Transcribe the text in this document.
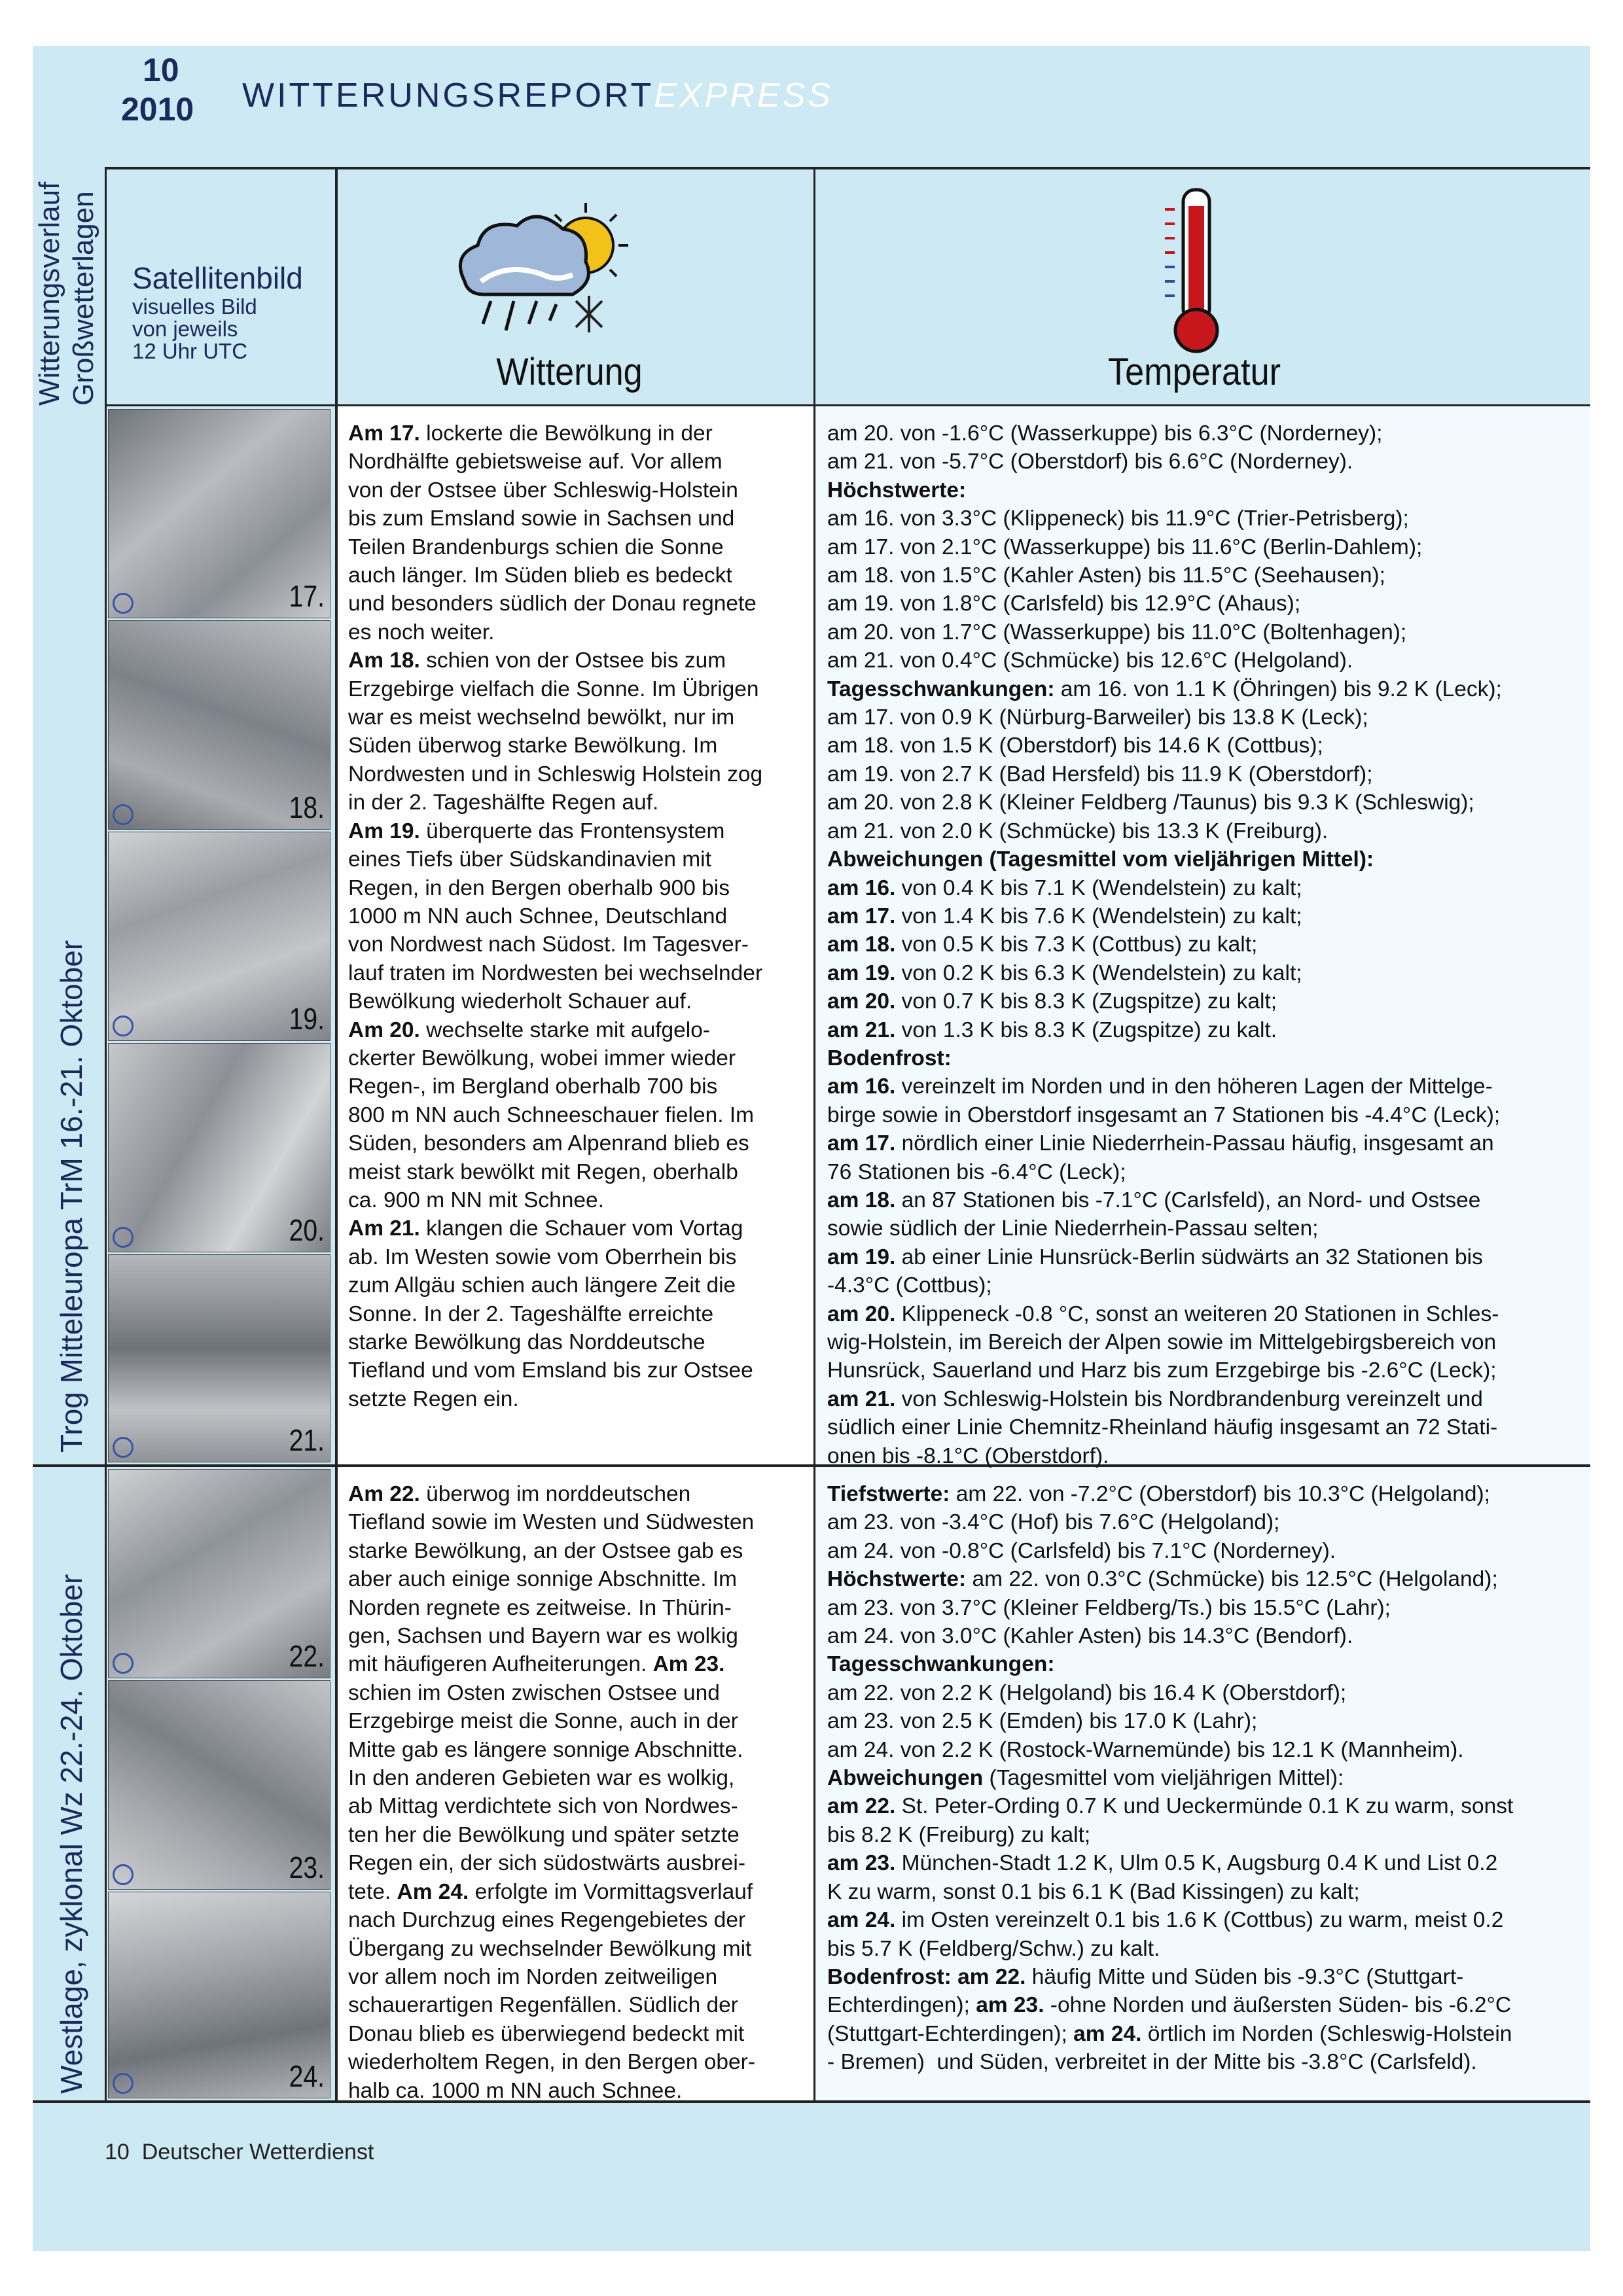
10
2010 WITTERUNGSREPORTEXPRESS
Witterungsverlauf Großwetterlagen Satellitenbild
visuelles Bild
von jeweils
12 Uhr UTC	Witterung	Temperatur
Trog Mitteleuropa TrM 16.-21. Oktober
Westlage, zyklonal Wz 22.-24. Oktober
17.
18.
19.
20.
21.
22.
23.
24.
Am 17. lockerte die Bewölkung in der
Nordhälfte gebietsweise auf. Vor allem
von der Ostsee über Schleswig-Holstein
bis zum Emsland sowie in Sachsen und
Teilen Brandenburgs schien die Sonne
auch länger. Im Süden blieb es bedeckt
und besonders südlich der Donau regnete
es noch weiter.
Am 18. schien von der Ostsee bis zum
Erzgebirge vielfach die Sonne. Im Übrigen
war es meist wechselnd bewölkt, nur im
Süden überwog starke Bewölkung. Im
Nordwesten und in Schleswig Holstein zog
in der 2. Tageshälfte Regen auf.
Am 19. überquerte das Frontensystem
eines Tiefs über Südskandinavien mit
Regen, in den Bergen oberhalb 900 bis
1000 m NN auch Schnee, Deutschland
von Nordwest nach Südost. Im Tagesver-
lauf traten im Nordwesten bei wechselnder
Bewölkung wiederholt Schauer auf.
Am 20. wechselte starke mit aufgelo-
ckerter Bewölkung, wobei immer wieder
Regen-, im Bergland oberhalb 700 bis
800 m NN auch Schneeschauer fielen. Im
Süden, besonders am Alpenrand blieb es
meist stark bewölkt mit Regen, oberhalb
ca. 900 m NN mit Schnee.
Am 21. klangen die Schauer vom Vortag
ab. Im Westen sowie vom Oberrhein bis
zum Allgäu schien auch längere Zeit die
Sonne. In der 2. Tageshälfte erreichte
starke Bewölkung das Norddeutsche
Tiefland und vom Emsland bis zur Ostsee
setzte Regen ein.
am 20. von -1.6°C (Wasserkuppe) bis 6.3°C (Norderney);
am 21. von -5.7°C (Oberstdorf) bis 6.6°C (Norderney).
Höchstwerte:
am 16. von 3.3°C (Klippeneck) bis 11.9°C (Trier-Petrisberg);
am 17. von 2.1°C (Wasserkuppe) bis 11.6°C (Berlin-Dahlem);
am 18. von 1.5°C (Kahler Asten) bis 11.5°C (Seehausen);
am 19. von 1.8°C (Carlsfeld) bis 12.9°C (Ahaus);
am 20. von 1.7°C (Wasserkuppe) bis 11.0°C (Boltenhagen);
am 21. von 0.4°C (Schmücke) bis 12.6°C (Helgoland).
Tagesschwankungen: am 16. von 1.1 K (Öhringen) bis 9.2 K (Leck);
am 17. von 0.9 K (Nürburg-Barweiler) bis 13.8 K (Leck);
am 18. von 1.5 K (Oberstdorf) bis 14.6 K (Cottbus);
am 19. von 2.7 K (Bad Hersfeld) bis 11.9 K (Oberstdorf);
am 20. von 2.8 K (Kleiner Feldberg /Taunus) bis 9.3 K (Schleswig);
am 21. von 2.0 K (Schmücke) bis 13.3 K (Freiburg).
Abweichungen (Tagesmittel vom vieljährigen Mittel):
am 16. von 0.4 K bis 7.1 K (Wendelstein) zu kalt;
am 17. von 1.4 K bis 7.6 K (Wendelstein) zu kalt;
am 18. von 0.5 K bis 7.3 K (Cottbus) zu kalt;
am 19. von 0.2 K bis 6.3 K (Wendelstein) zu kalt;
am 20. von 0.7 K bis 8.3 K (Zugspitze) zu kalt;
am 21. von 1.3 K bis 8.3 K (Zugspitze) zu kalt.
Bodenfrost:
am 16. vereinzelt im Norden und in den höheren Lagen der Mittelge-
birge sowie in Oberstdorf insgesamt an 7 Stationen bis -4.4°C (Leck);
am 17. nördlich einer Linie Niederrhein-Passau häufig, insgesamt an
76 Stationen bis -6.4°C (Leck);
am 18. an 87 Stationen bis -7.1°C (Carlsfeld), an Nord- und Ostsee
sowie südlich der Linie Niederrhein-Passau selten;
am 19. ab einer Linie Hunsrück-Berlin südwärts an 32 Stationen bis
-4.3°C (Cottbus);
am 20. Klippeneck -0.8 °C, sonst an weiteren 20 Stationen in Schles-
wig-Holstein, im Bereich der Alpen sowie im Mittelgebirgsbereich von
Hunsrück, Sauerland und Harz bis zum Erzgebirge bis -2.6°C (Leck);
am 21. von Schleswig-Holstein bis Nordbrandenburg vereinzelt und
südlich einer Linie Chemnitz-Rheinland häufig insgesamt an 72 Stati-
onen bis -8.1°C (Oberstdorf).
Am 22. überwog im norddeutschen
Tiefland sowie im Westen und Südwesten
starke Bewölkung, an der Ostsee gab es
aber auch einige sonnige Abschnitte. Im
Norden regnete es zeitweise. In Thürin-
gen, Sachsen und Bayern war es wolkig
mit häufigeren Aufheiterungen. Am 23.
schien im Osten zwischen Ostsee und
Erzgebirge meist die Sonne, auch in der
Mitte gab es längere sonnige Abschnitte.
In den anderen Gebieten war es wolkig,
ab Mittag verdichtete sich von Nordwes-
ten her die Bewölkung und später setzte
Regen ein, der sich südostwärts ausbrei-
tete. Am 24. erfolgte im Vormittagsverlauf
nach Durchzug eines Regengebietes der
Übergang zu wechselnder Bewölkung mit
vor allem noch im Norden zeitweiligen
schauerartigen Regenfällen. Südlich der
Donau blieb es überwiegend bedeckt mit
wiederholtem Regen, in den Bergen ober-
halb ca. 1000 m NN auch Schnee.
Tiefstwerte: am 22. von -7.2°C (Oberstdorf) bis 10.3°C (Helgoland);
am 23. von -3.4°C (Hof) bis 7.6°C (Helgoland);
am 24. von -0.8°C (Carlsfeld) bis 7.1°C (Norderney).
Höchstwerte: am 22. von 0.3°C (Schmücke) bis 12.5°C (Helgoland);
am 23. von 3.7°C (Kleiner Feldberg/Ts.) bis 15.5°C (Lahr);
am 24. von 3.0°C (Kahler Asten) bis 14.3°C (Bendorf).
Tagesschwankungen:
am 22. von 2.2 K (Helgoland) bis 16.4 K (Oberstdorf);
am 23. von 2.5 K (Emden) bis 17.0 K (Lahr);
am 24. von 2.2 K (Rostock-Warnemünde) bis 12.1 K (Mannheim).
Abweichungen (Tagesmittel vom vieljährigen Mittel):
am 22. St. Peter-Ording 0.7 K und Ueckermünde 0.1 K zu warm, sonst
bis 8.2 K (Freiburg) zu kalt;
am 23. München-Stadt 1.2 K, Ulm 0.5 K, Augsburg 0.4 K und List 0.2
K zu warm, sonst 0.1 bis 6.1 K (Bad Kissingen) zu kalt;
am 24. im Osten vereinzelt 0.1 bis 1.6 K (Cottbus) zu warm, meist 0.2
bis 5.7 K (Feldberg/Schw.) zu kalt.
Bodenfrost: am 22. häufig Mitte und Süden bis -9.3°C (Stuttgart-
Echterdingen); am 23. -ohne Norden und äußersten Süden- bis -6.2°C
(Stuttgart-Echterdingen); am 24. örtlich im Norden (Schleswig-Holstein
- Bremen)  und Süden, verbreitet in der Mitte bis -3.8°C (Carlsfeld).
10 Deutscher Wetterdienst
